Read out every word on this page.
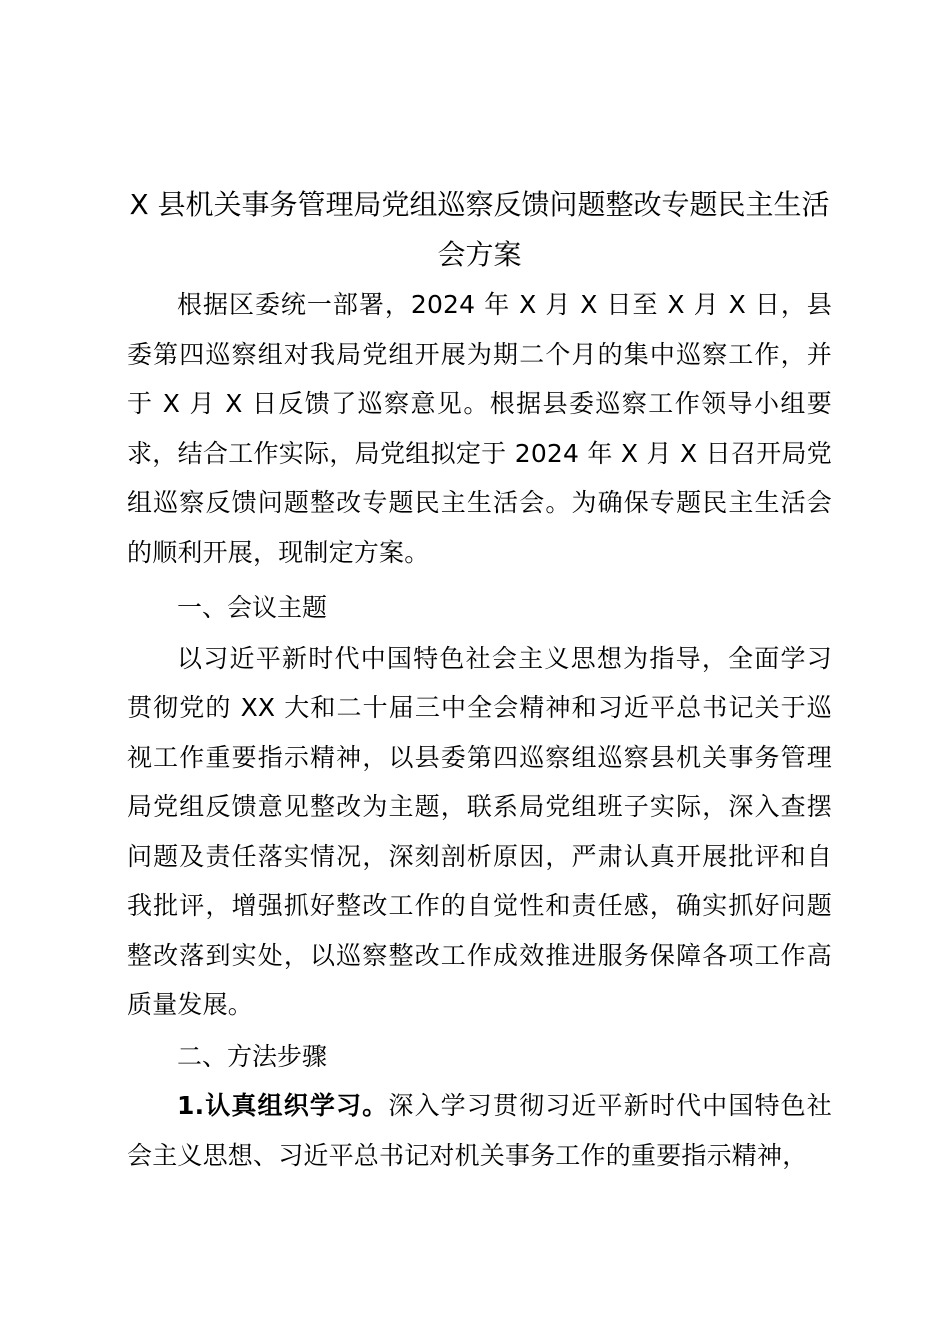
X 县机关事务管理局党组巡察反馈问题整改专题民主生活会方案

根据区委统一部署，2024 年 X 月 X 日至 X 月 X 日，县委第四巡察组对我局党组开展为期二个月的集中巡察工作，并于 X 月 X 日反馈了巡察意见。根据县委巡察工作领导小组要求，结合工作实际，局党组拟定于 2024 年 X 月 X 日召开局党组巡察反馈问题整改专题民主生活会。为确保专题民主生活会的顺利开展，现制定方案。

一、会议主题

以习近平新时代中国特色社会主义思想为指导，全面学习贯彻党的 XX 大和二十届三中全会精神和习近平总书记关于巡视工作重要指示精神，以县委第四巡察组巡察县机关事务管理局党组反馈意见整改为主题，联系局党组班子实际，深入查摆问题及责任落实情况，深刻剖析原因，严肃认真开展批评和自我批评，增强抓好整改工作的自觉性和责任感，确实抓好问题整改落到实处，以巡察整改工作成效推进服务保障各项工作高质量发展。

二、方法步骤

1.认真组织学习。深入学习贯彻习近平新时代中国特色社会主义思想、习近平总书记对机关事务工作的重要指示精神，
